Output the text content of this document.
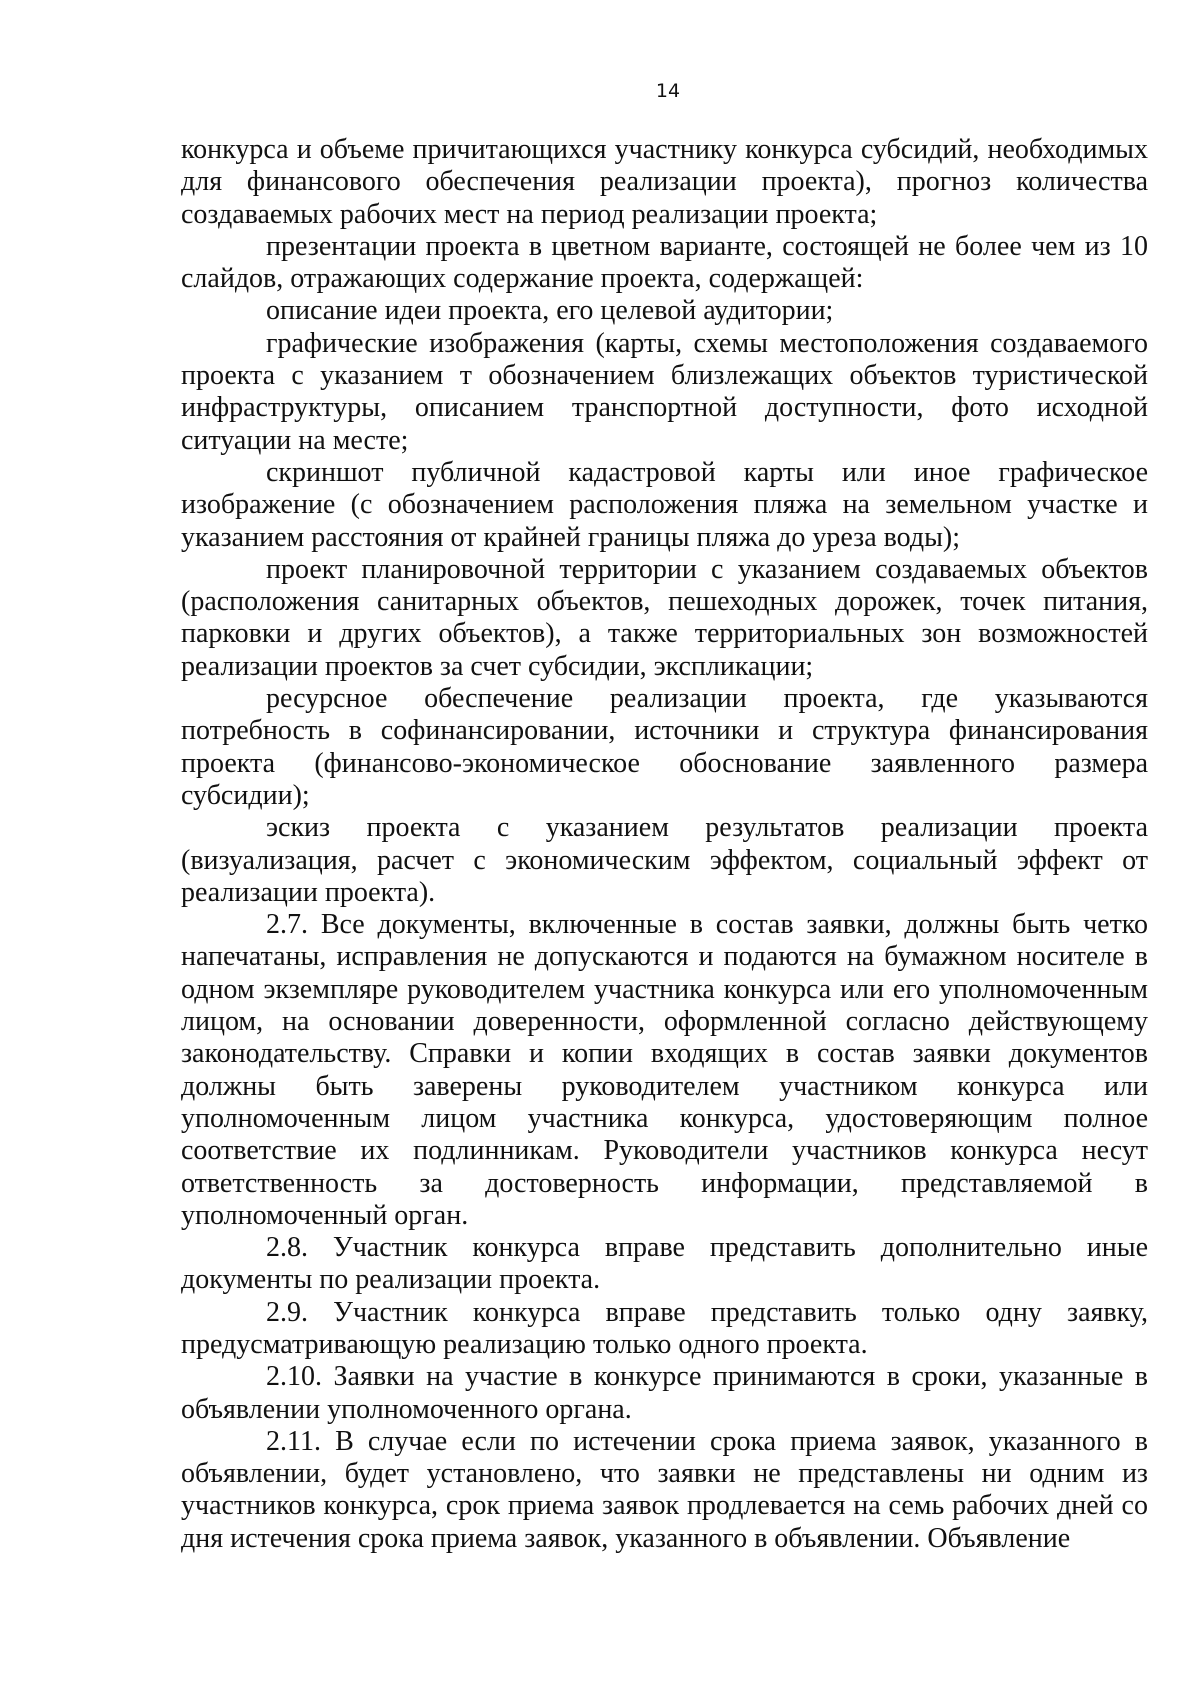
14

конкурса и объеме причитающихся участнику конкурса субсидий, необходимых для финансового обеспечения реализации проекта), прогноз количества создаваемых рабочих мест на период реализации проекта;

презентации проекта в цветном варианте, состоящей не более чем из 10 слайдов, отражающих содержание проекта, содержащей:

описание идеи проекта, его целевой аудитории;

графические изображения (карты, схемы местоположения создаваемого проекта с указанием т обозначением близлежащих объектов туристической инфраструктуры, описанием транспортной доступности, фото исходной ситуации на месте;

скриншот публичной кадастровой карты или иное графическое изображение (с обозначением расположения пляжа на земельном участке и указанием расстояния от крайней границы пляжа до уреза воды);

проект планировочной территории с указанием создаваемых объектов (расположения санитарных объектов, пешеходных дорожек, точек питания, парковки и других объектов), а также территориальных зон возможностей реализации проектов за счет субсидии, экспликации;

ресурсное обеспечение реализации проекта, где указываются потребность в софинансировании, источники и структура финансирования проекта (финансово-экономическое обоснование заявленного размера субсидии);

эскиз проекта с указанием результатов реализации проекта (визуализация, расчет с экономическим эффектом, социальный эффект от реализации проекта).

2.7. Все документы, включенные в состав заявки, должны быть четко напечатаны, исправления не допускаются и подаются на бумажном носителе в одном экземпляре руководителем участника конкурса или его уполномоченным лицом, на основании доверенности, оформленной согласно действующему законодательству. Справки и копии входящих в состав заявки документов должны быть заверены руководителем участником конкурса или уполномоченным лицом участника конкурса, удостоверяющим полное соответствие их подлинникам. Руководители участников конкурса несут ответственность за достоверность информации, представляемой в уполномоченный орган.

2.8. Участник конкурса вправе представить дополнительно иные документы по реализации проекта.

2.9. Участник конкурса вправе представить только одну заявку, предусматривающую реализацию только одного проекта.

2.10. Заявки на участие в конкурсе принимаются в сроки, указанные в объявлении уполномоченного органа.

2.11. В случае если по истечении срока приема заявок, указанного в объявлении, будет установлено, что заявки не представлены ни одним из участников конкурса, срок приема заявок продлевается на семь рабочих дней со дня истечения срока приема заявок, указанного в объявлении. Объявление
